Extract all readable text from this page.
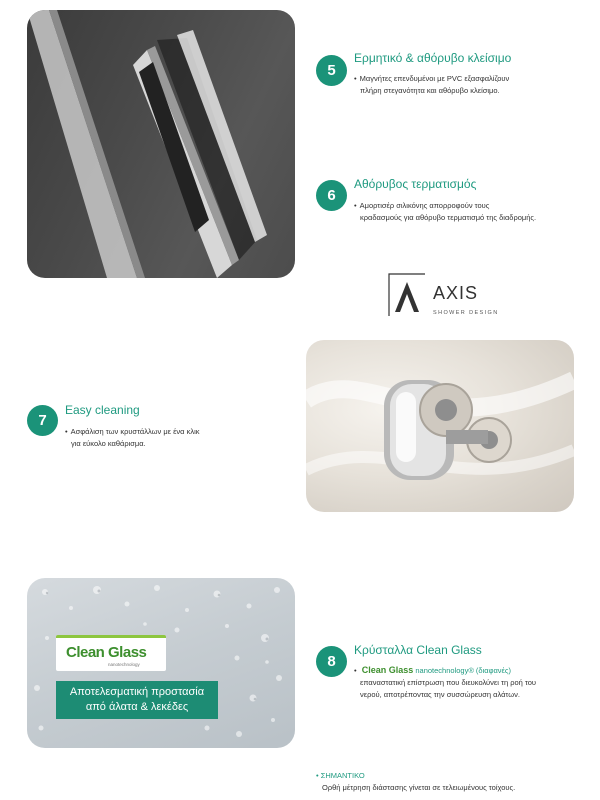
5
Ερμητικό & αθόρυβο κλείσιμο
• Μαγνήτες επενδυμένοι με PVC εξασφαλίζουν
πλήρη στεγανότητα και αθόρυβο κλείσιμο.
6
Αθόρυβος τερματισμός
• Αμορτισέρ σιλικόνης απορροφούν τους
κραδασμούς για αθόρυβο τερματισμό της διαδρομής.
AXIS
SHOWER DESIGN
7
Easy cleaning
• Ασφάλιση των κρυστάλλων με ένα κλικ
για εύκολο καθάρισμα.
Clean Glass
nanotechnology
Αποτελεσματική προστασία
από άλατα & λεκέδες
8
Κρύσταλλα Clean Glass
• Clean Glass nanotechnology® (διαφανές)
επαναστατική επίστρωση που διευκολύνει τη ροή του
νερού, αποτρέποντας την συσσώρευση αλάτων.
• ΣΗΜΑΝΤΙΚΟ
Ορθή μέτρηση διάστασης γίνεται σε τελειωμένους τοίχους.
